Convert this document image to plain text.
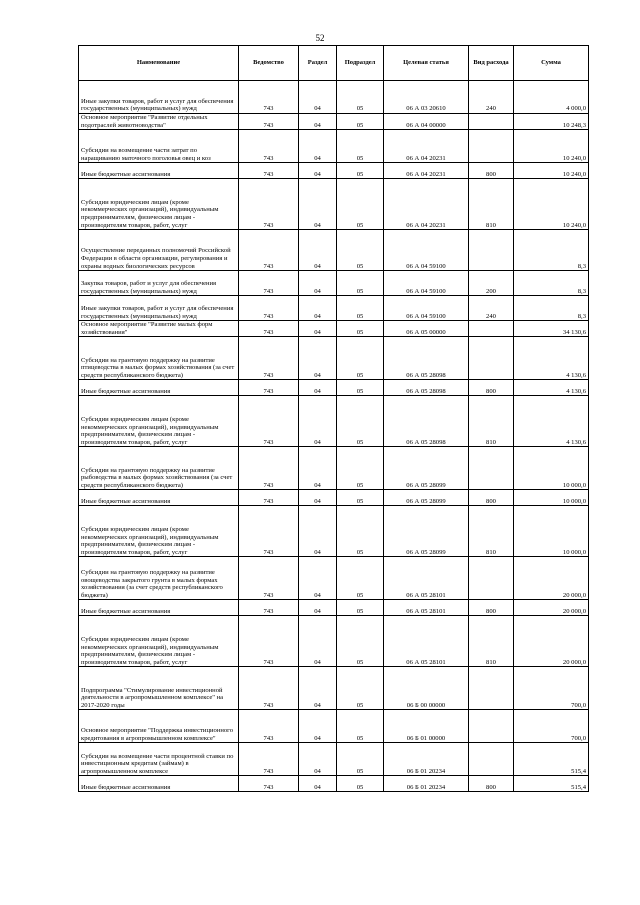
52
Наименование	Ведомство	Раздел	Подраздел	Целевая статья	Вид расхода	Сумма
Иные закупки товаров, работ и услуг для обеспечения государственных (муниципальных) нужд	743	04	05	06 А 03 20610	240	4 000,0
Основное мероприятие "Развитие отдельных подотраслей животноводства"	743	04	05	06 А 04 00000		10 248,3
Субсидии на возмещение части затрат по наращиванию маточного поголовья овец и коз	743	04	05	06 А 04 20231		10 240,0
Иные бюджетные ассигнования	743	04	05	06 А 04 20231	800	10 240,0
Субсидии юридическим лицам (кроме некоммерческих организаций), индивидуальным предпринимателям, физическим лицам - производителям товаров, работ, услуг	743	04	05	06 А 04 20231	810	10 240,0
Осуществление переданных полномочий Российской Федерации в области организации, регулирования и охраны водных биологических ресурсов	743	04	05	06 А 04 59100		8,3
Закупка товаров, работ и услуг для обеспечения государственных (муниципальных) нужд	743	04	05	06 А 04 59100	200	8,3
Иные закупки товаров, работ и услуг для обеспечения государственных (муниципальных) нужд	743	04	05	06 А 04 59100	240	8,3
Основное мероприятие "Развитие малых форм хозяйствования"	743	04	05	06 А 05 00000		34 130,6
Субсидии на грантовую поддержку на развитие птицеводства в малых формах хозяйствования (за счет средств республиканского бюджета)	743	04	05	06 А 05 28098		4 130,6
Иные бюджетные ассигнования	743	04	05	06 А 05 28098	800	4 130,6
Субсидии юридическим лицам (кроме некоммерческих организаций), индивидуальным предпринимателям, физическим лицам - производителям товаров, работ, услуг	743	04	05	06 А 05 28098	810	4 130,6
Субсидии на грантовую поддержку на развитие рыбоводства в малых формах хозяйствования (за счет средств республиканского бюджета)	743	04	05	06 А 05 28099		10 000,0
Иные бюджетные ассигнования	743	04	05	06 А 05 28099	800	10 000,0
Субсидии юридическим лицам (кроме некоммерческих организаций), индивидуальным предпринимателям, физическим лицам - производителям товаров, работ, услуг	743	04	05	06 А 05 28099	810	10 000,0
Субсидии на грантовую поддержку на развитие овощеводства закрытого грунта в малых формах хозяйствования (за счет средств республиканского бюджета)	743	04	05	06 А 05 28101		20 000,0
Иные бюджетные ассигнования	743	04	05	06 А 05 28101	800	20 000,0
Субсидии юридическим лицам (кроме некоммерческих организаций), индивидуальным предпринимателям, физическим лицам - производителям товаров, работ, услуг	743	04	05	06 А 05 28101	810	20 000,0
Подпрограмма "Стимулирование инвестиционной деятельности в агропромышленном комплексе" на 2017-2020 годы	743	04	05	06 Б 00 00000		700,0
Основное мероприятие "Поддержка инвестиционного кредитования в агропромышленном комплексе"	743	04	05	06 Б 01 00000		700,0
Субсидии на возмещение части процентной ставки по инвестиционным кредитам (займам) в агропромышленном комплексе	743	04	05	06 Б 01 20234		515,4
Иные бюджетные ассигнования	743	04	05	06 Б 01 20234	800	515,4
